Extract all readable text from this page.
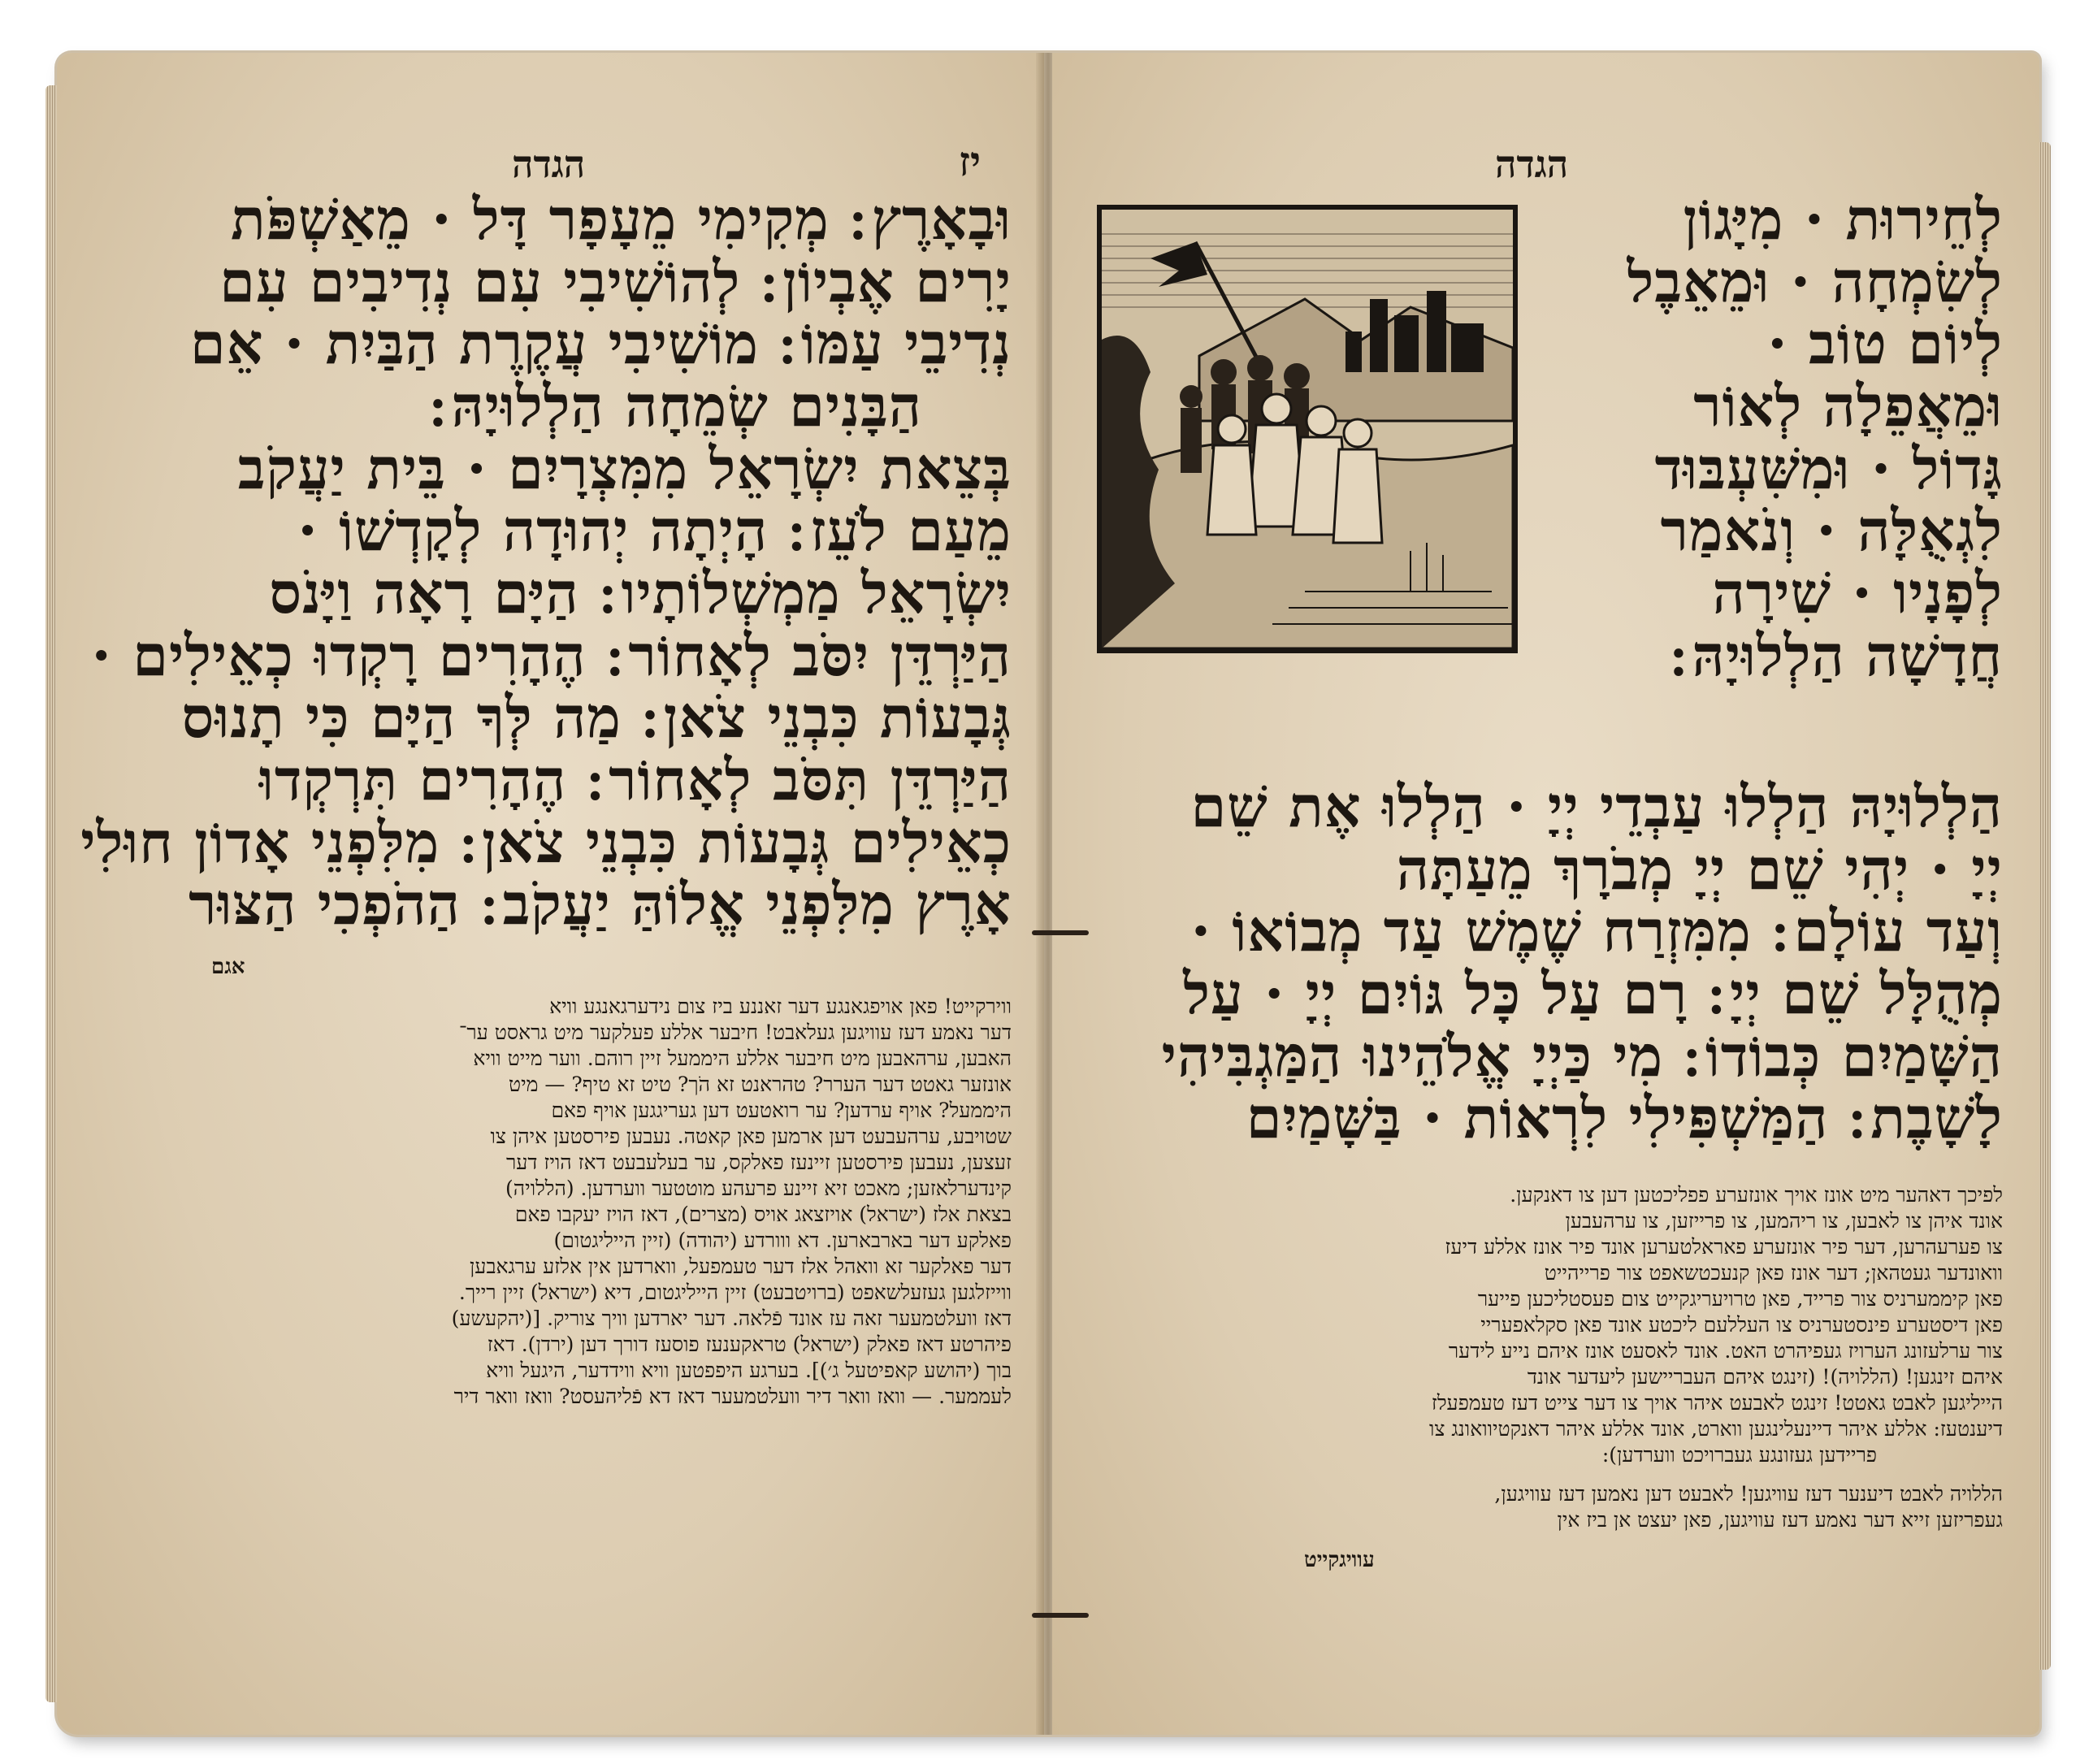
הגדה	יז
וּבָאָרֶץ ׃ מְקִימִי מֵעָפָר דָּל · מֵאַשְׁפֹּת
יָרִים אֶבְיוֹן ׃ לְהוֹשִׁיבִי עִם נְדִיבִים עִם
נְדִיבֵי עַמּוֹ ׃ מוֹשִׁיבִי עֲקֶרֶת הַבַּיִת · אֵם
הַבָּנִים שְׂמֵחָה הַלְלוּיָהּ ׃
בְּצֵאת יִשְׂרָאֵל מִמִּצְרָיִם · בֵּית יַעֲקֹב
מֵעַם לֹעֵז ׃ הָיְתָה יְהוּדָה לְקָדְשׁוֹ ·
יִשְׂרָאֵל מַמְשְׁלוֹתָיו ׃ הַיָּם רָאָה וַיָּנֹס
הַיַּרְדֵּן יִסֹּב לְאָחוֹר ׃ הֶהָרִים רָקְדוּ כְאֵילִים ·
גְּבָעוֹת כִּבְנֵי צֹאן ׃ מַה לְּךָ הַיָּם כִּי תָנוּס
הַיַּרְדֵּן תִּסֹּב לְאָחוֹר ׃ הֶהָרִים תִּרְקְדוּ
כְאֵילִים גְּבָעוֹת כִּבְנֵי צֹאן ׃ מִלִּפְנֵי אָדוֹן חוּלִי
אָרֶץ מִלִּפְנֵי אֱלוֹהַּ יַעֲקֹב ׃ הַהֹפְכִי הַצּוּר
אגם
ווירקייט! פאן אויפגאנגע דער זאננע ביז צום נידערגאנגע וויא
דער נאמע דעז עוויגען געלאבט! חיבער אללע פעלקער מיט גראסט ער־
האבען, ערהאבען מיט חיבער אללע היממעל זיין רוהם. ווער מייט וויא
אונזער גאטט דער הערר? טהראנט זא הֹך? טיט זא טיף? — מיט
היממעל? אויף ערדען? ער רואטעט דען געריגגען אויף פאם
שטויבע, ערהעבעט דען ארמען פאן קאטה. נעבען פירסטען איהן צו
זעצען, נעבען פירסטען זיינעז פאלקס, ער בעלעבעט דאז הויז דער
קינדערלאזען; מאכט זיא זיינע פרעהע מוטטער ווערדען. (הללויה)
בצאת אלז (ישראל) אויזצאג אויס (מצרים), דאז הויז יעקבו פאם
פאלקע דער בארבארען. דא ווורדע (יהודה) (זיין הייליגטום)
דער פאלקער זא וואהל אלז דער טעמפעל, ווארדען אין אלזע ערגאבען
ווייזלגען געזעלשאפט (ברויטבעט) זיין הייליגטום, דיא (ישראל) זיין רייך.
דאז וועלטמעער זאה עז אונד פֿלאה. דער יארדען וויך צוריק. [(יהקעשע)
פיהרטע דאז פאלק (ישראל) טראקענעז פוסעז דורך דען (ירדן). דאז
בוך (יהושע קאפיטעל ג׳)]. בערגע היפפטען וויא ווידדער, היגעל וויא
לעממער. — וואז וואר דיר וועלטמעער דאז דא פֿליהעסט? וואז וואר דיר
הגדה
לְחֵירוּת · מִיָּגוֹן
לְשִׂמְחָה · וּמֵאֵבֶל
לְיוֹם טוֹב ·
וּמֵאֲפֵלָה לְאוֹר
גָּדוֹל · וּמִשִּׁעְבּוּד
לִגְאֻלָּה · וְנֹאמַר
לְפָנָיו · שִׁירָה
חֲדָשָׁה הַלְלוּיָהּ ׃
הַלְלוּיָהּ הַלְלוּ עַבְדֵי יְיָ · הַלְלוּ אֶת שֵׁם
יְיָ · יְהִי שֵׁם יְיָ מְבֹרָךְ מֵעַתָּה
וְעַד עוֹלָם ׃ מִמִּזְרַח שֶׁמֶשׁ עַד מְבוֹאוֹ ·
מְהֻלָּל שֵׁם יְיָ ׃ רָם עַל כָּל גּוֹיִם יְיָ · עַל
הַשָּׁמַיִם כְּבוֹדוֹ ׃ מִי כַּיְיָ אֱלֹהֵינוּ הַמַּגְבִּיהִי
לָשָׁבֶת ׃ הַמַּשְׁפִּילִי לִרְאוֹת · בַּשָּׁמַיִם
לפיכך דאהער מיט אונז אויך אונזערע פפליכטען דען צו דאנקען.
אונד איהן צו לאבען, צו ריהמען, צו פרייזען, צו ערהעבען
צו פערעהרען, דער פיר אונזערע פאראלטערען אונד פיר אונז אללע דיעז
וואונדער געטהאן; דער אונז פאן קנעכטשאפט צור פרייהייט
פאן קיממערניס צור פרייד, פאן טרויעריגקייט צום פעסטליכען פייער
פאן דיסטערע פינסטערניס צו העללעם ליכטע אונד פאן סקלאפעריי
צור ערלעזונג הערויז געפיהרט האט. אונד לאסעט אונז איהם נייע לידער
איהם זינגען! (הללויה)! (זינגט איהם העבריישען ליעדער אונד
הייליגען לאבט גאטט! זינגט לאבעט איהר אויך צו דער צייט דעז טעמפעלז
דיענטעז: אללע איהר דיינעלינגען ווארט, אונד אללע איהר דאנקטיוואונג צו
פריידען געזונגע געברויכט ווערדען):
הללויה לאבט דיענער דעז עוויגען! לאבעט דען נאמען דעז עוויגען,
געפריזען זייא דער נאמע דעז עוויגען, פאן יעצט אן ביז אין
עוויגקייט
